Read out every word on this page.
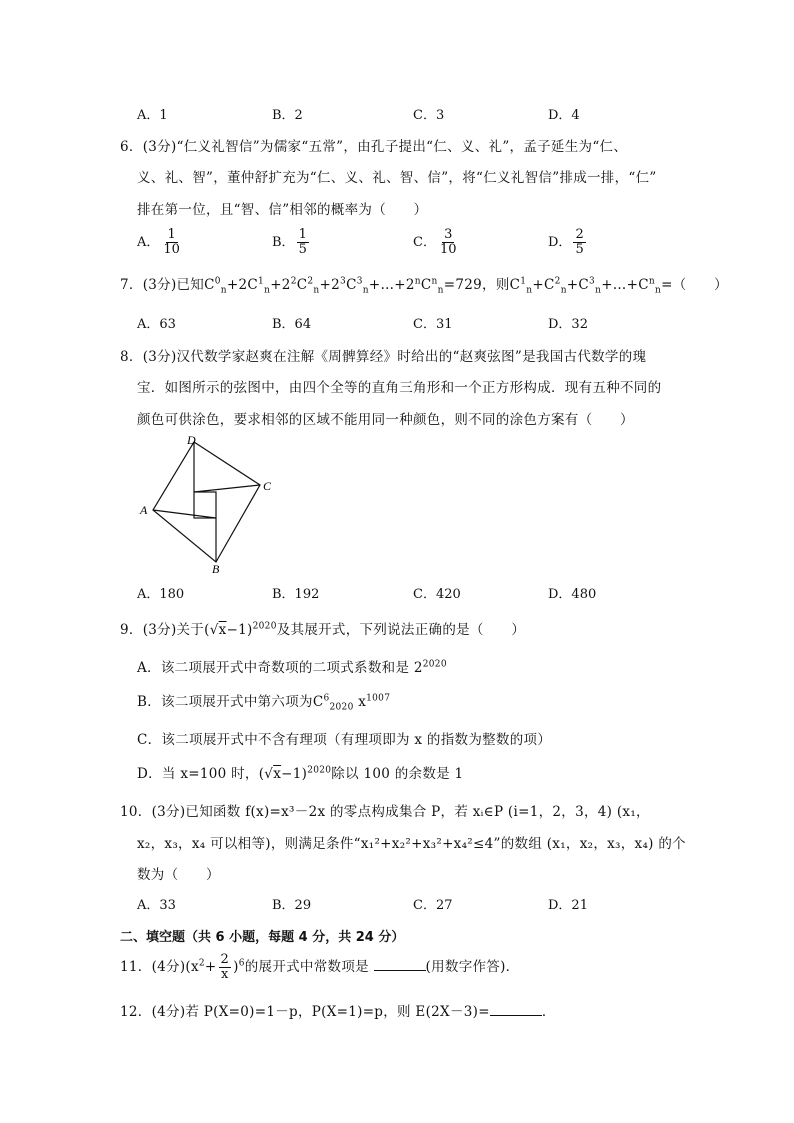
A．1	B．2	C．3	D．4
6．(3分)“仁义礼智信”为儒家“五常”，由孔子提出“仁、义、礼”，孟子延生为“仁、
义、礼、智”，董仲舒扩充为“仁、义、礼、智、信”，将“仁义礼智信”排成一排，“仁”
排在第一位，且“智、信”相邻的概率为（　　）
A． $\frac{1}{10}$	B． $\frac{1}{5}$	C． $\frac{3}{10}$	D． $\frac{2}{5}$
7．(3分)已知$C^0_n+2C^1_n+2^2C^2_n+2^3C^3_n+\dots+2^nC^n_n=729$，则$C^1_n+C^2_n+C^3_n+\dots+C^n_n=$（　　）
A．63	B．64	C．31	D．32
8．(3分)汉代数学家赵爽在注解《周髀算经》时给出的“赵爽弦图”是我国古代数学的瑰
宝．如图所示的弦图中，由四个全等的直角三角形和一个正方形构成．现有五种不同的
颜色可供涂色，要求相邻的区域不能用同一种颜色，则不同的涂色方案有（　　）
D
C
A
B
A．180	B．192	C．420	D．480
9．(3分)关于$(√x-1)^{2020}$及其展开式，下列说法正确的是（　　）
A．该二项展开式中奇数项的二项式系数和是 $2^{2020}$
B．该二项展开式中第六项为$C^6_{2020}$ $x^{1007}$
C．该二项展开式中不含有理项（有理项即为 x 的指数为整数的项）
D．当 x=100 时，$(√x-1)^{2020}$除以 100 的余数是 1
10．(3分)已知函数 f(x)=x³－2x 的零点构成集合 P，若 xᵢ∈P (i=1，2，3，4) (x₁，
x₂，x₃，x₄ 可以相等)，则满足条件“x₁²+x₂²+x₃²+x₄²≤4”的数组 (x₁，x₂，x₃，x₄) 的个
数为（　　）
A．33	B．29	C．27	D．21
二、填空题（共 6 小题，每题 4 分，共 24 分）
11．(4分)$(x^2+ \frac{2}{x} )^6$的展开式中常数项是	(用数字作答)．
12．(4分)若 P(X=0)=1－p，P(X=1)=p，则 E(2X－3)=	．
